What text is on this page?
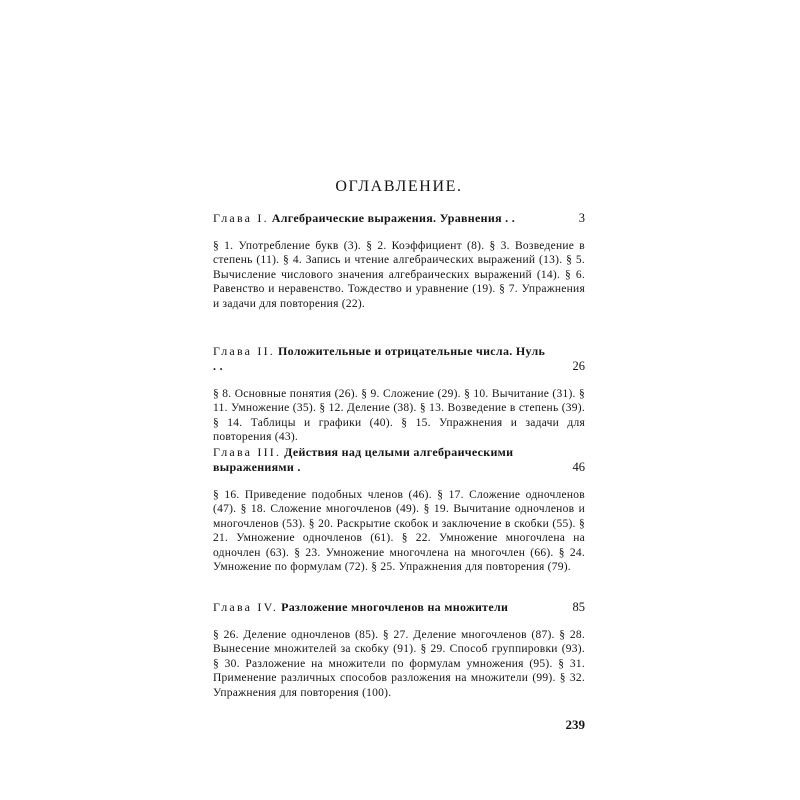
ОГЛАВЛЕНИЕ.
Глава I. Алгебраические выражения. Уравнения . .	3
§ 1. Употребление букв (3). § 2. Коэффициент (8). § 3. Возведение в степень (11). § 4. Запись и чтение алгебраических выражений (13). § 5. Вычисление числового значения алгебраических выражений (14). § 6. Равенство и неравенство. Тождество и уравнение (19). § 7. Упражнения и задачи для повторения (22).
Глава II. Положительные и отрицательные числа. Нуль . .	26
§ 8. Основные понятия (26). § 9. Сложение (29). § 10. Вычитание (31). § 11. Умножение (35). § 12. Деление (38). § 13. Возведение в степень (39). § 14. Таблицы и графики (40). § 15. Упражнения и задачи для повторения (43).
Глава III. Действия над целыми алгебраическими выражениями .	46
§ 16. Приведение подобных членов (46). § 17. Сложение одночленов (47). § 18. Сложение многочленов (49). § 19. Вычитание одночленов и многочленов (53). § 20. Раскрытие скобок и заключение в скобки (55). § 21. Умножение одночленов (61). § 22. Умножение многочлена на одночлен (63). § 23. Умножение многочлена на многочлен (66). § 24. Умножение по формулам (72). § 25. Упражнения для повторения (79).
Глава IV. Разложение многочленов на множители	85
§ 26. Деление одночленов (85). § 27. Деление многочленов (87). § 28. Вынесение множителей за скобку (91). § 29. Способ группировки (93). § 30. Разложение на множители по формулам умножения (95). § 31. Применение различных способов разложения на множители (99). § 32. Упражнения для повторения (100).
239
